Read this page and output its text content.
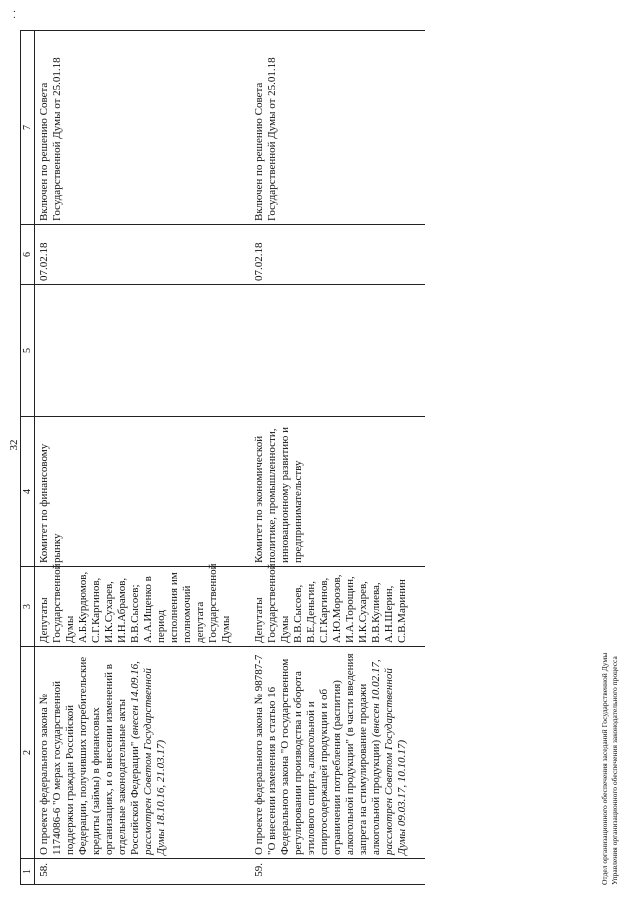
32
1	2	3	4	5	6	7
58.	О проекте федерального закона № 1174086-6 "О мерах государственной поддержки граждан Российской Федерации, получивших потребительские кредиты (займы) в финансовых организациях, и о внесении изменений в отдельные законодательные акты Российской Федерации" (внесен 14.09.16, рассмотрен Советом Государственной Думы 18.10.16, 21.03.17)	Депутаты Государственной Думы А.Б.Курдюмов, С.Г.Каргинов, И.К.Сухарев, И.Н.Абрамов, В.В.Сысоев; А.А.Ищенко в период исполнения им полномочий депутата Государственной Думы	Комитет по финансовому рынку		07.02.18	Включен по решению Совета Государственной Думы от 25.01.18
59.	О проекте федерального закона № 98787-7 "О внесении изменения в статью 16 Федерального закона "О государственном регулировании производства и оборота этилового спирта, алкогольной и спиртосодержащей продукции и об ограничении потребления (распития) алкогольной продукции" (в части введения запрета на стимулирование продажи алкогольной продукции) (внесен 10.02.17, рассмотрен Советом Государственной Думы 09.03.17, 10.10.17)	Депутаты Государственной Думы В.В.Сысоев, В.Е.Деньгин, С.Г.Каргинов, А.Ю.Морозов, И.А.Торощин, И.К.Сухарев, В.В.Кулиева, А.Н.Шерин, С.В.Маринин	Комитет по экономической политике, промышленности, инновационному развитию и предпринимательству		07.02.18	Включен по решению Совета Государственной Думы от 25.01.18
Отдел организационного обеспечения заседаний Государственной Думы Управления организационного обеспечения законодательного процесса
· ·
